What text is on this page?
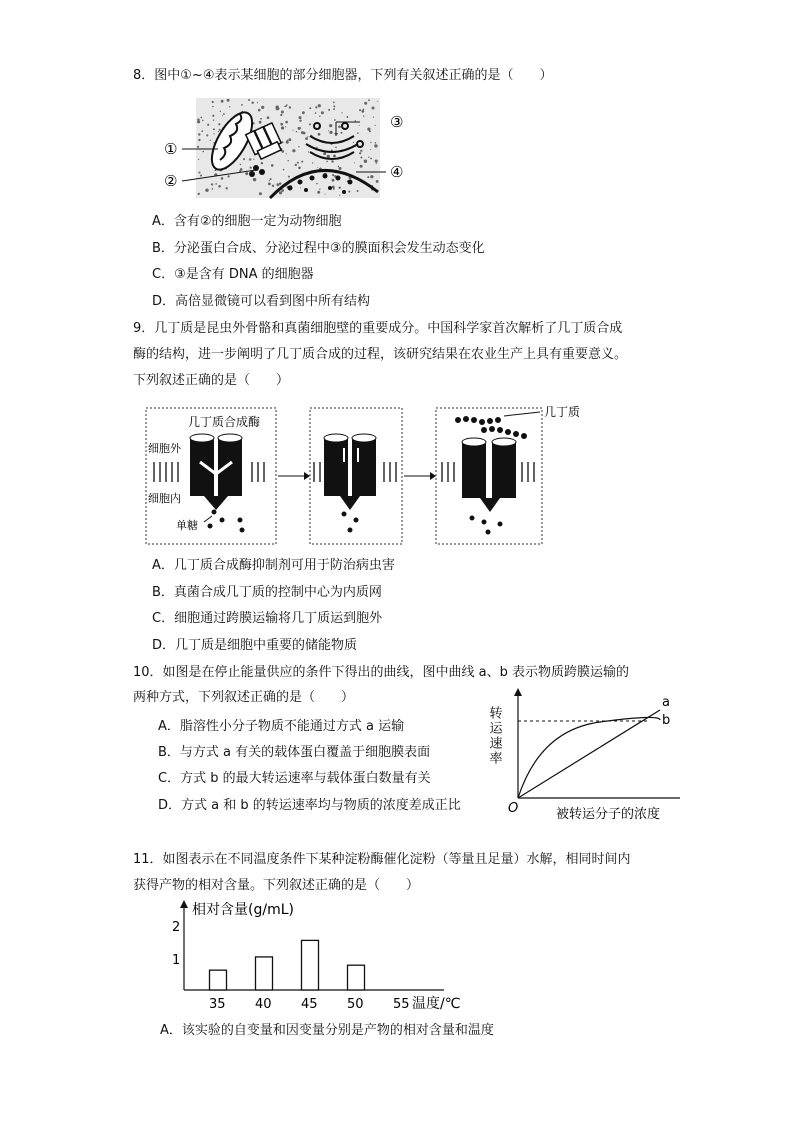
8．图中①~④表示某细胞的部分细胞器，下列有关叙述正确的是（　　）
①
②
③
④
A．含有②的细胞一定为动物细胞
B．分泌蛋白合成、分泌过程中③的膜面积会发生动态变化
C．③是含有 DNA 的细胞器
D．高倍显微镜可以看到图中所有结构
9．几丁质是昆虫外骨骼和真菌细胞壁的重要成分。中国科学家首次解析了几丁质合成
酶的结构，进一步阐明了几丁质合成的过程，该研究结果在农业生产上具有重要意义。
下列叙述正确的是（　　）
几丁质合成酶
细胞外
细胞内
单糖
几丁质
A．几丁质合成酶抑制剂可用于防治病虫害
B．真菌合成几丁质的控制中心为内质网
C．细胞通过跨膜运输将几丁质运到胞外
D．几丁质是细胞中重要的储能物质
10．如图是在停止能量供应的条件下得出的曲线，图中曲线 a、b 表示物质跨膜运输的
两种方式，下列叙述正确的是（　　）
A．脂溶性小分子物质不能通过方式 a 运输
B．与方式 a 有关的载体蛋白覆盖于细胞膜表面
C．方式 b 的最大转运速率与载体蛋白数量有关
D．方式 a 和 b 的转运速率均与物质的浓度差成正比
转运速率
O
a
b
被转运分子的浓度
11．如图表示在不同温度条件下某种淀粉酶催化淀粉（等量且足量）水解，相同时间内
获得产物的相对含量。下列叙述正确的是（　　）
相对含量(g/mL)
2
1
温度/℃
35 40 45 50 55
A．该实验的自变量和因变量分别是产物的相对含量和温度
